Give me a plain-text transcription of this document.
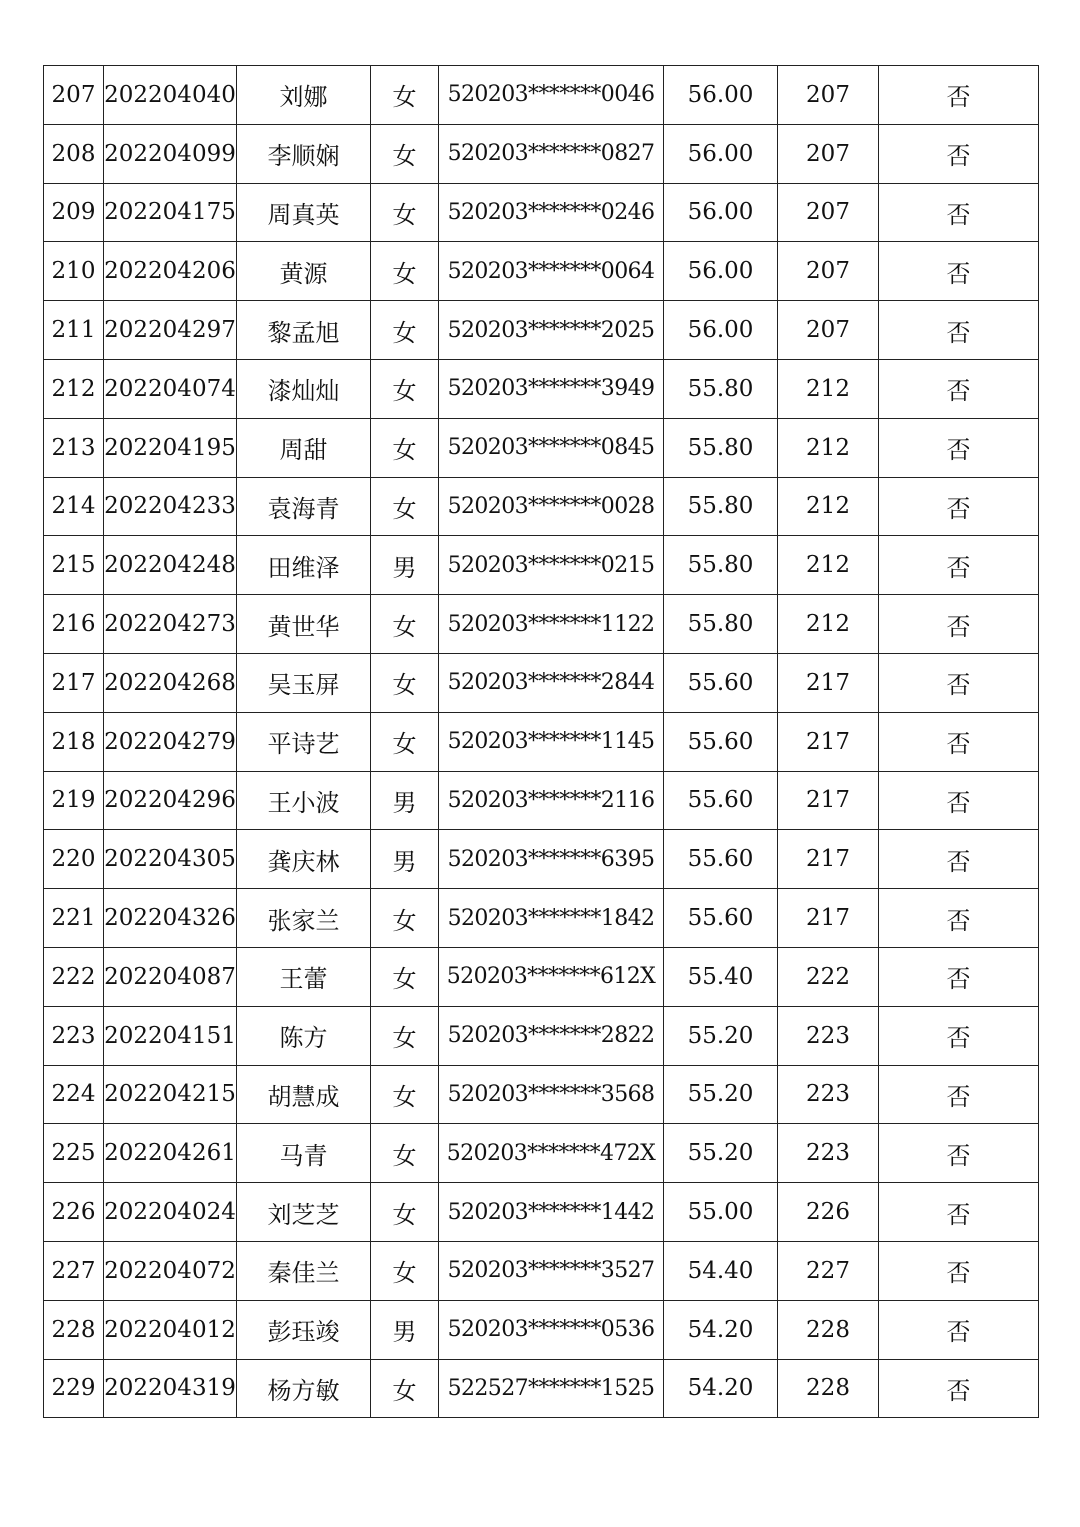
207	202204040	刘娜	女	520203*******0046	56.00	207	否
208	202204099	李顺娴	女	520203*******0827	56.00	207	否
209	202204175	周真英	女	520203*******0246	56.00	207	否
210	202204206	黄源	女	520203*******0064	56.00	207	否
211	202204297	黎孟旭	女	520203*******2025	56.00	207	否
212	202204074	漆灿灿	女	520203*******3949	55.80	212	否
213	202204195	周甜	女	520203*******0845	55.80	212	否
214	202204233	袁海青	女	520203*******0028	55.80	212	否
215	202204248	田维泽	男	520203*******0215	55.80	212	否
216	202204273	黄世华	女	520203*******1122	55.80	212	否
217	202204268	吴玉屏	女	520203*******2844	55.60	217	否
218	202204279	平诗艺	女	520203*******1145	55.60	217	否
219	202204296	王小波	男	520203*******2116	55.60	217	否
220	202204305	龚庆林	男	520203*******6395	55.60	217	否
221	202204326	张家兰	女	520203*******1842	55.60	217	否
222	202204087	王蕾	女	520203*******612X	55.40	222	否
223	202204151	陈方	女	520203*******2822	55.20	223	否
224	202204215	胡慧成	女	520203*******3568	55.20	223	否
225	202204261	马青	女	520203*******472X	55.20	223	否
226	202204024	刘芝芝	女	520203*******1442	55.00	226	否
227	202204072	秦佳兰	女	520203*******3527	54.40	227	否
228	202204012	彭珏竣	男	520203*******0536	54.20	228	否
229	202204319	杨方敏	女	522527*******1525	54.20	228	否
